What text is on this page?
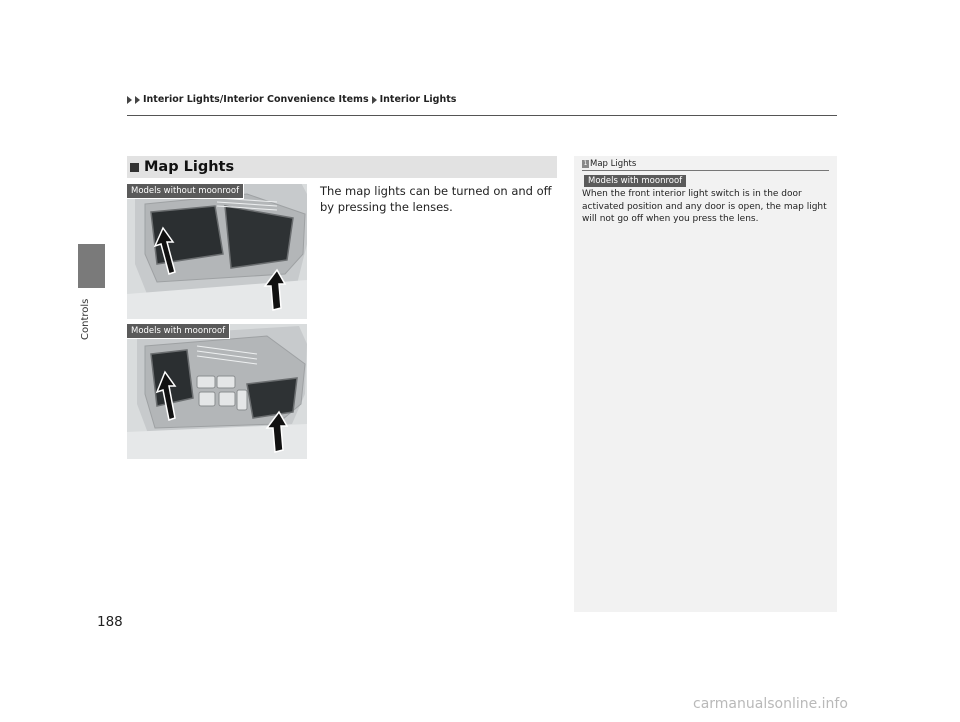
Interior Lights/Interior Convenience Items Interior Lights
Controls
Map Lights
The map lights can be turned on and off by pressing the lenses.
Models without moonroof
Models with moonroof
1 Map Lights
Models with moonroof
When the front interior light switch is in the door activated position and any door is open, the map light will not go off when you press the lens.
188
carmanualsonline.info
